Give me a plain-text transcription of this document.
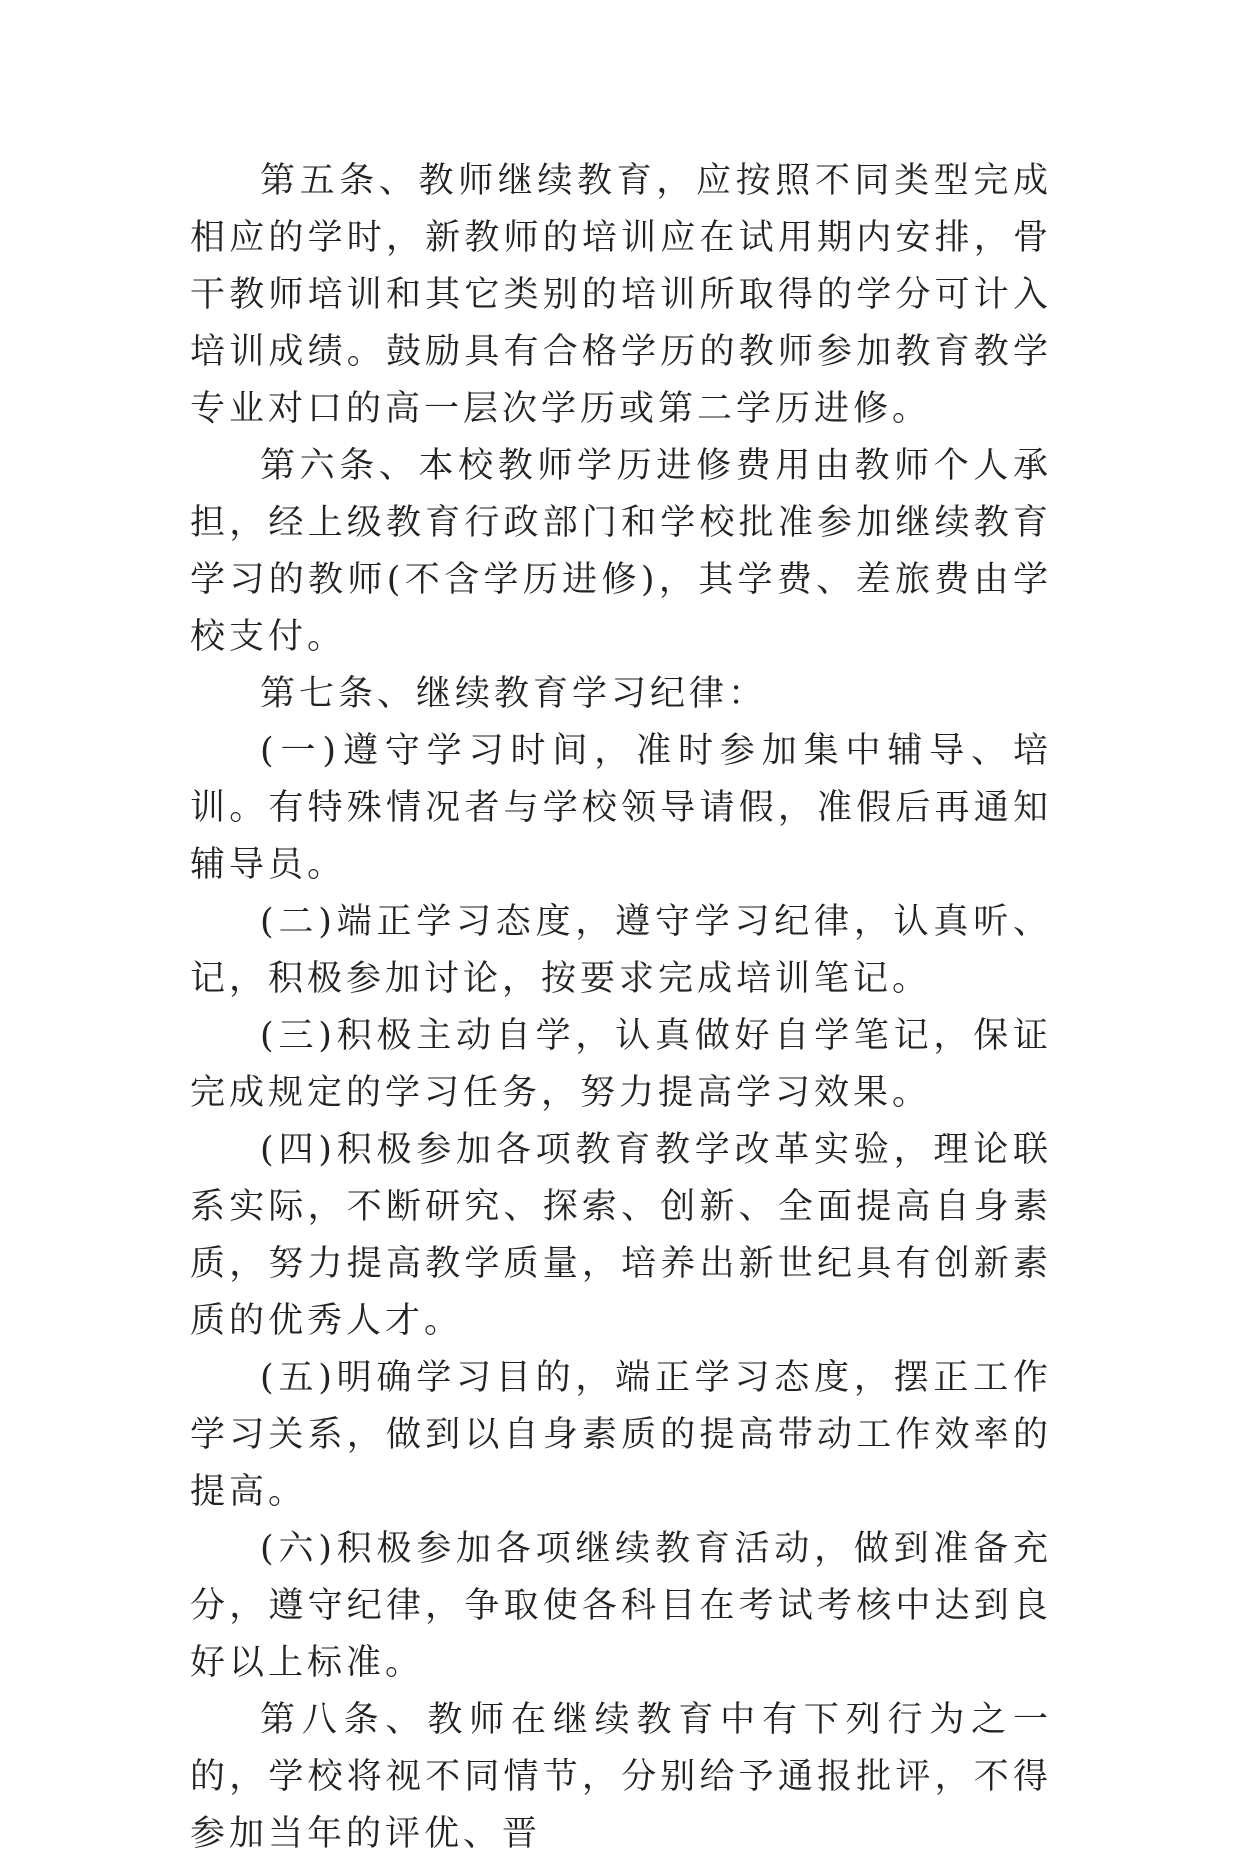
第五条、教师继续教育，应按照不同类型完成相应的学时，新教师的培训应在试用期内安排，骨干教师培训和其它类别的培训所取得的学分可计入培训成绩。鼓励具有合格学历的教师参加教育教学专业对口的高一层次学历或第二学历进修。

第六条、本校教师学历进修费用由教师个人承担，经上级教育行政部门和学校批准参加继续教育学习的教师(不含学历进修)，其学费、差旅费由学校支付。

第七条、继续教育学习纪律：

(一)遵守学习时间，准时参加集中辅导、培训。有特殊情况者与学校领导请假，准假后再通知辅导员。

(二)端正学习态度，遵守学习纪律，认真听、记，积极参加讨论，按要求完成培训笔记。

(三)积极主动自学，认真做好自学笔记，保证完成规定的学习任务，努力提高学习效果。

(四)积极参加各项教育教学改革实验，理论联系实际，不断研究、探索、创新、全面提高自身素质，努力提高教学质量，培养出新世纪具有创新素质的优秀人才。

(五)明确学习目的，端正学习态度，摆正工作学习关系，做到以自身素质的提高带动工作效率的提高。

(六)积极参加各项继续教育活动，做到准备充分，遵守纪律，争取使各科目在考试考核中达到良好以上标准。

第八条、教师在继续教育中有下列行为之一的，学校将视不同情节，分别给予通报批评，不得参加当年的评优、晋
